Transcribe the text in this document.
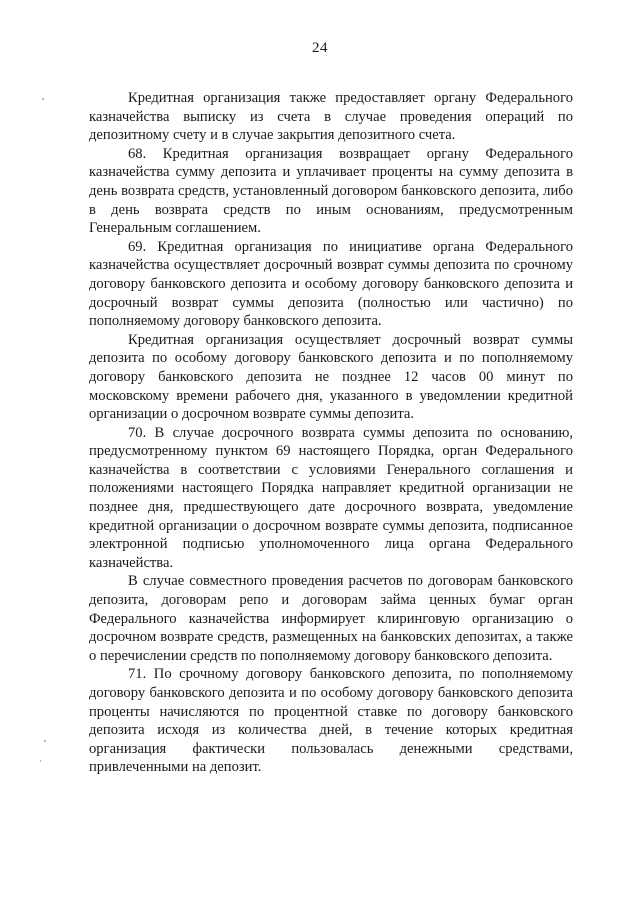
24

Кредитная организация также предоставляет органу Федерального казначейства выписку из счета в случае проведения операций по депозитному счету и в случае закрытия депозитного счета.

68. Кредитная организация возвращает органу Федерального казначейства сумму депозита и уплачивает проценты на сумму депозита в день возврата средств, установленный договором банковского депозита, либо в день возврата средств по иным основаниям, предусмотренным Генеральным соглашением.

69. Кредитная организация по инициативе органа Федерального казначейства осуществляет досрочный возврат суммы депозита по срочному договору банковского депозита и особому договору банковского депозита и досрочный возврат суммы депозита (полностью или частично) по пополняемому договору банковского депозита.

Кредитная организация осуществляет досрочный возврат суммы депозита по особому договору банковского депозита и по пополняемому договору банковского депозита не позднее 12 часов 00 минут по московскому времени рабочего дня, указанного в уведомлении кредитной организации о досрочном возврате суммы депозита.

70. В случае досрочного возврата суммы депозита по основанию, предусмотренному пунктом 69 настоящего Порядка, орган Федерального казначейства в соответствии с условиями Генерального соглашения и положениями настоящего Порядка направляет кредитной организации не позднее дня, предшествующего дате досрочного возврата, уведомление кредитной организации о досрочном возврате суммы депозита, подписанное электронной подписью уполномоченного лица органа Федерального казначейства.

В случае совместного проведения расчетов по договорам банковского депозита, договорам репо и договорам займа ценных бумаг орган Федерального казначейства информирует клиринговую организацию о досрочном возврате средств, размещенных на банковских депозитах, а также о перечислении средств по пополняемому договору банковского депозита.

71. По срочному договору банковского депозита, по пополняемому договору банковского депозита и по особому договору банковского депозита проценты начисляются по процентной ставке по договору банковского депозита исходя из количества дней, в течение которых кредитная организация фактически пользовалась денежными средствами, привлеченными на депозит.
